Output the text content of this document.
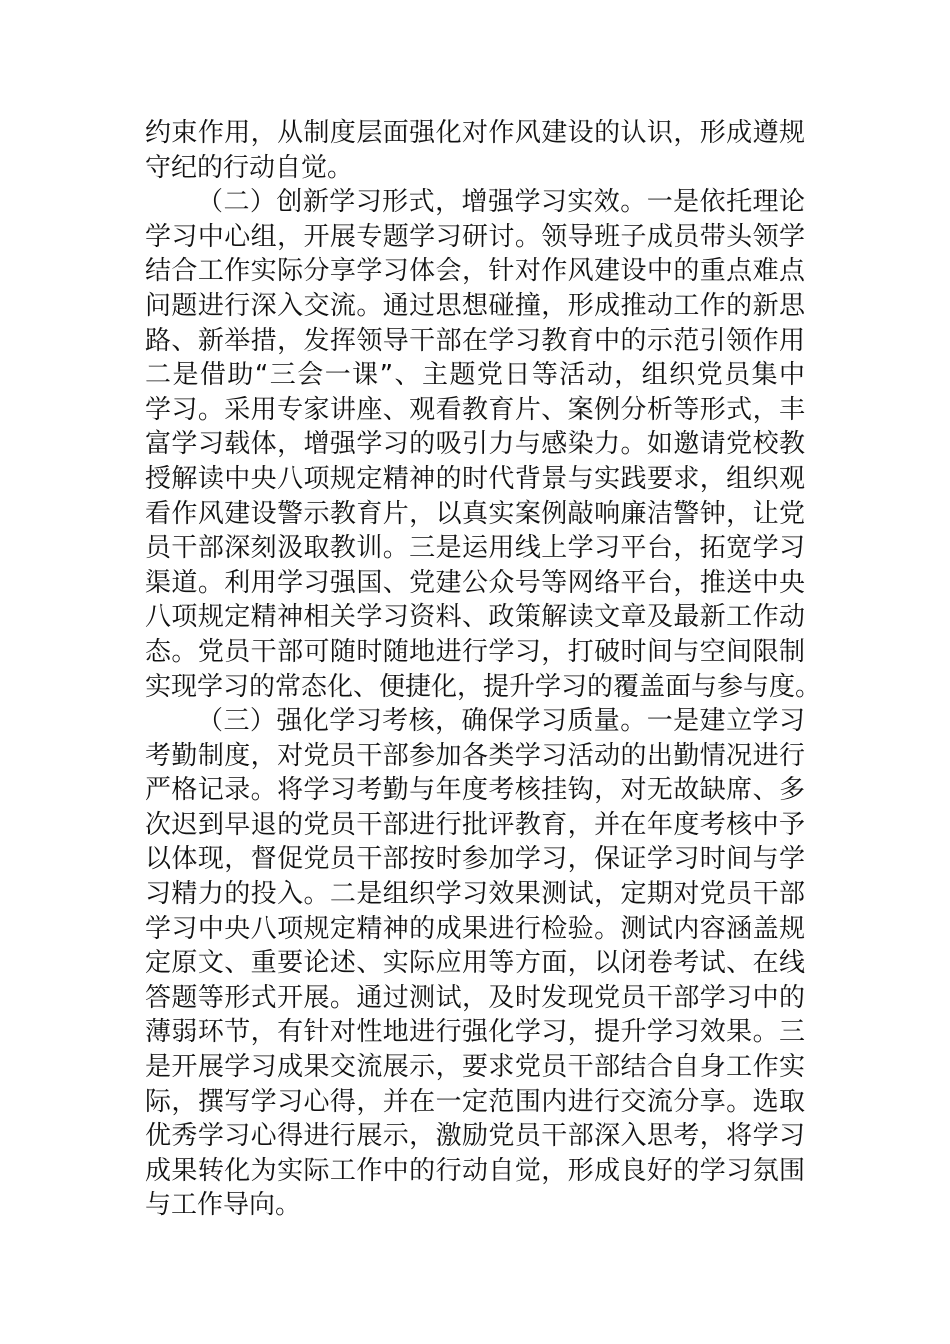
约束作用，从制度层面强化对作风建设的认识，形成遵规
守纪的行动自觉。
（二）创新学习形式，增强学习实效。一是依托理论
学习中心组，开展专题学习研讨。领导班子成员带头领学
结合工作实际分享学习体会，针对作风建设中的重点难点
问题进行深入交流。通过思想碰撞，形成推动工作的新思
路、新举措，发挥领导干部在学习教育中的示范引领作用
二是借助“三会一课”、主题党日等活动，组织党员集中
学习。采用专家讲座、观看教育片、案例分析等形式，丰
富学习载体，增强学习的吸引力与感染力。如邀请党校教
授解读中央八项规定精神的时代背景与实践要求，组织观
看作风建设警示教育片，以真实案例敲响廉洁警钟，让党
员干部深刻汲取教训。三是运用线上学习平台，拓宽学习
渠道。利用学习强国、党建公众号等网络平台，推送中央
八项规定精神相关学习资料、政策解读文章及最新工作动
态。党员干部可随时随地进行学习，打破时间与空间限制
实现学习的常态化、便捷化，提升学习的覆盖面与参与度。
（三）强化学习考核，确保学习质量。一是建立学习
考勤制度，对党员干部参加各类学习活动的出勤情况进行
严格记录。将学习考勤与年度考核挂钩，对无故缺席、多
次迟到早退的党员干部进行批评教育，并在年度考核中予
以体现，督促党员干部按时参加学习，保证学习时间与学
习精力的投入。二是组织学习效果测试，定期对党员干部
学习中央八项规定精神的成果进行检验。测试内容涵盖规
定原文、重要论述、实际应用等方面，以闭卷考试、在线
答题等形式开展。通过测试，及时发现党员干部学习中的
薄弱环节，有针对性地进行强化学习，提升学习效果。三
是开展学习成果交流展示，要求党员干部结合自身工作实
际，撰写学习心得，并在一定范围内进行交流分享。选取
优秀学习心得进行展示，激励党员干部深入思考，将学习
成果转化为实际工作中的行动自觉，形成良好的学习氛围
与工作导向。
